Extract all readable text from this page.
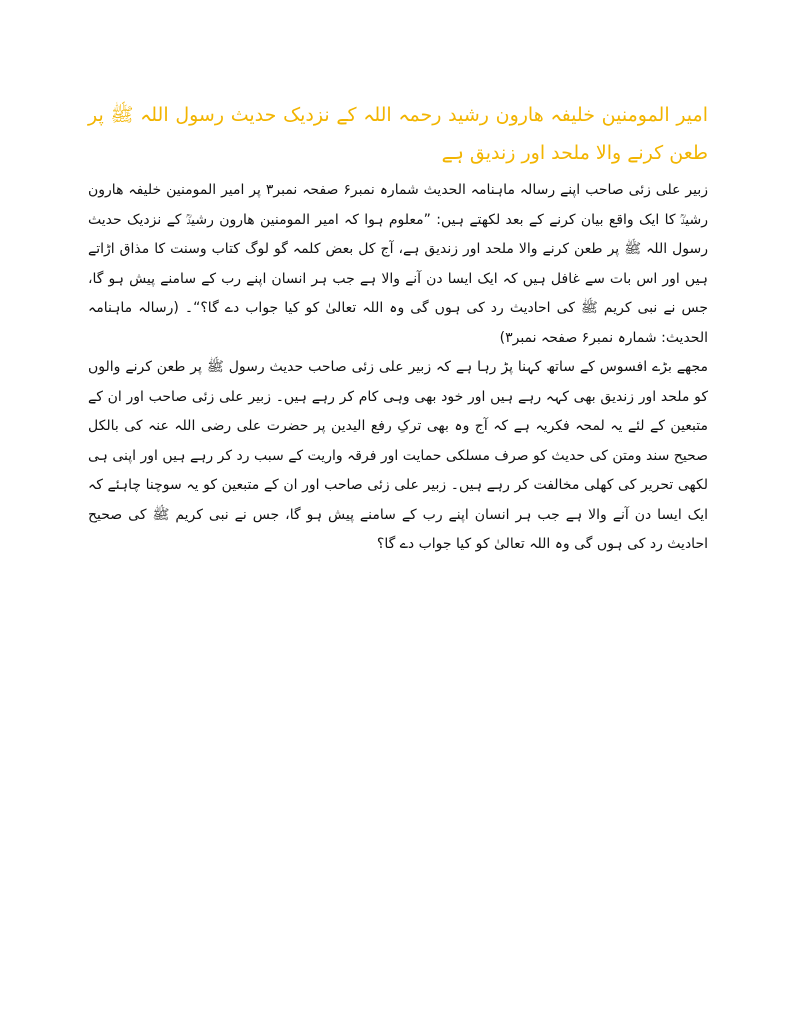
امیر المومنین خلیفہ ھارون رشید رحمہ اللہ کے نزدیک حدیث رسول اللہ ﷺ پر طعن کرنے والا ملحد اور زندیق ہے

زبیر علی زئی صاحب اپنے رسالہ ماہنامہ الحدیث شمارہ نمبر۶ صفحہ نمبر۳ پر امیر المومنین خلیفہ ھارون رشیدؒ کا ایک واقع بیان کرنے کے بعد لکھتے ہیں: ”معلوم ہوا کہ امیر المومنین ھارون رشیدؒ کے نزدیک حدیث رسول اللہ ﷺ پر طعن کرنے والا ملحد اور زندیق ہے، آج کل بعض کلمہ گو لوگ کتاب وسنت کا مذاق اڑاتے ہیں اور اس بات سے غافل ہیں کہ ایک ایسا دن آنے والا ہے جب ہر انسان اپنے رب کے سامنے پیش ہو گا، جس نے نبی کریم ﷺ کی احادیث رد کی ہوں گی وہ اللہ تعالیٰ کو کیا جواب دے گا؟“۔ (رسالہ ماہنامہ الحدیث: شمارہ نمبر۶ صفحہ نمبر۳)

مجھے بڑے افسوس کے ساتھ کہنا پڑ رہا ہے کہ زبیر علی زئی صاحب حدیث رسول ﷺ پر طعن کرنے والوں کو ملحد اور زندیق بھی کہہ رہے ہیں اور خود بھی وہی کام کر رہے ہیں۔ زبیر علی زئی صاحب اور ان کے متبعین کے لئے یہ لمحہ فکریہ ہے کہ آج وہ بھی ترکِ رفع الیدین پر حضرت علی رضی اللہ عنہ کی بالکل صحیح سند ومتن کی حدیث کو صرف مسلکی حمایت اور فرقہ واریت کے سبب رد کر رہے ہیں اور اپنی ہی لکھی تحریر کی کھلی مخالفت کر رہے ہیں۔ زبیر علی زئی صاحب اور ان کے متبعین کو یہ سوچنا چاہئے کہ ایک ایسا دن آنے والا ہے جب ہر انسان اپنے رب کے سامنے پیش ہو گا، جس نے نبی کریم ﷺ کی صحیح احادیث رد کی ہوں گی وہ اللہ تعالیٰ کو کیا جواب دے گا؟
